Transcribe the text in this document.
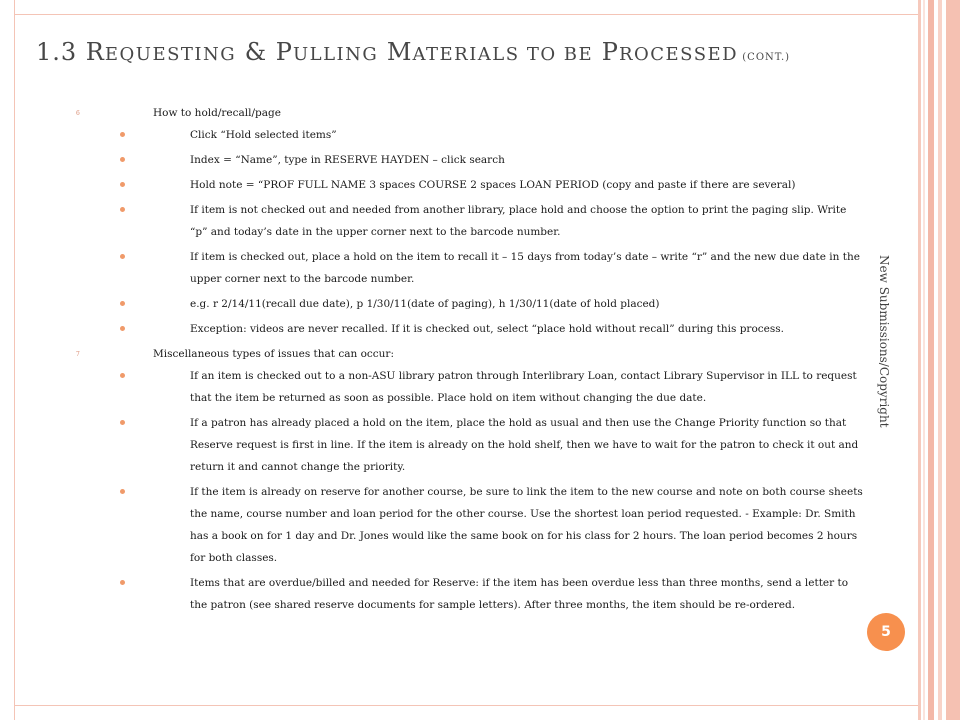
1.3 REQUESTING & PULLING MATERIALS TO BE PROCESSED (CONT.)
6	How to hold/recall/page
Click “Hold selected items”
Index = “Name”, type in RESERVE HAYDEN – click search
Hold note = “PROF FULL NAME 3 spaces COURSE 2 spaces LOAN PERIOD (copy and paste if there are several)
If item is not checked out and needed from another library, place hold and choose the option to print the paging slip. Write “p” and today’s date in the upper corner next to the barcode number.
If item is checked out, place a hold on the item to recall it – 15 days from today’s date – write “r” and the new due date in the upper corner next to the barcode number.
e.g. r 2/14/11(recall due date), p 1/30/11(date of paging), h 1/30/11(date of hold placed)
Exception: videos are never recalled. If it is checked out, select “place hold without recall” during this process.
7	Miscellaneous types of issues that can occur:
If an item is checked out to a non-ASU library patron through Interlibrary Loan, contact Library Supervisor in ILL to request that the item be returned as soon as possible. Place hold on item without changing the due date.
If a patron has already placed a hold on the item, place the hold as usual and then use the Change Priority function so that Reserve request is first in line. If the item is already on the hold shelf, then we have to wait for the patron to check it out and return it and cannot change the priority.
If the item is already on reserve for another course, be sure to link the item to the new course and note on both course sheets the name, course number and loan period for the other course. Use the shortest loan period requested. - Example: Dr. Smith has a book on for 1 day and Dr. Jones would like the same book on for his class for 2 hours. The loan period becomes 2 hours for both classes.
Items that are overdue/billed and needed for Reserve: if the item has been overdue less than three months, send a letter to the patron (see shared reserve documents for sample letters). After three months, the item should be re-ordered.
New Submissions/Copyright
5
